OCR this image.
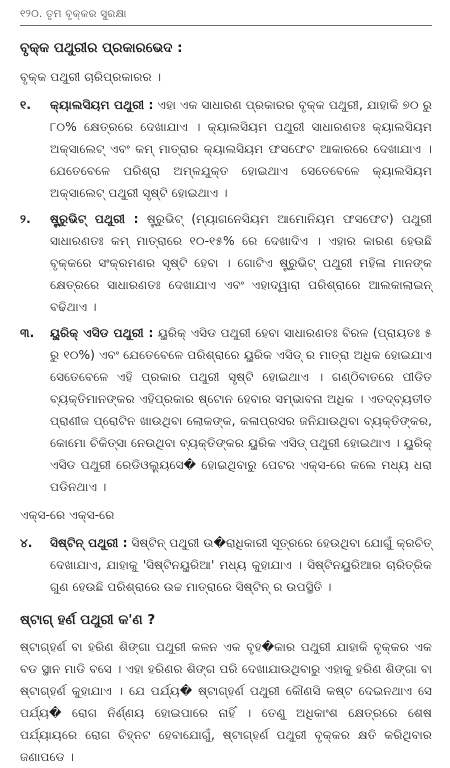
୧୨୦. ତୃମ ବୃକ୍କର ସୁରକ୍ଷା
ବୃକ୍କ ପଥୁରୀର ପ୍ରକାରଭେଦ :

ବୃକ୍କ ପଥୁରୀ ଚାରିପ୍ରକାରର ।

୧.	କ୍ୟାଲସିୟମ ପଥୁରୀ : ଏହା ଏକ ସାଧାରଣ ପ୍ରକାରର ବୃକ୍କ ପଥୁରୀ, ଯାହାକି ୭୦ ରୁ ୮୦% କ୍ଷେତ୍ରରେ ଦେଖାଯାଏ । କ୍ୟାଲସିୟମ ପଥୁରୀ ସାଧାରଣତଃ କ୍ୟାଲସିୟମ ଅକ୍ସାଲେଟ୍ ଏବଂ କମ୍ ମାତ୍ରାର କ୍ୟାଲସିୟମ ଫସଫେଟ ଆକାରରେ ଦେଖାଯାଏ । ଯେତେବେଳେ ପରିଶ୍ରା ଅମ୍ଳଯୁକ୍ତ ହୋଇଥାଏ ସେତେବେଳେ କ୍ୟାଲସିୟମ ଅକ୍ସାଲେଟ୍ ପଥୁରୀ ସୃଷ୍ଟି ହୋଇଥାଏ ।

୨.	ଷ୍ଟ୍ରୁଭିଟ୍ ପଥୁରୀ : ଷ୍ଟ୍ରୁଭିଟ୍ (ମ୍ୟାଗନେସିୟମ ଆମୋନିୟମ ଫସଫେଟ) ପଥୁରୀ ସାଧାରଣତଃ କମ୍ ମାତ୍ରାରେ ୧୦-୧୫% ରେ ଦେଖାଦିଏ । ଏହାର କାରଣ ହେଉଛି ବୃକ୍କରେ ସଂକ୍ରମଣର ସୃଷ୍ଟି ହେବା । ଗୋଟିଏ ଷ୍ଟ୍ରୁଭିଟ୍ ପଥୁରୀ ମହିଳା ମାନଙ୍କ କ୍ଷେତ୍ରରେ ସାଧାରଣତଃ ଦେଖାଯାଏ ଏବଂ ଏହାଦ୍ୱାରା ପରିଶ୍ରାରେ ଆଲକାଲାଇନ୍ ବଢିଥାଏ ।

୩.	ୟୁରିକ୍ ଏସିଡ ପଥୁରୀ : ୟୁରିକ୍ ଏସିଡ ପଥୁରୀ ହେବା ସାଧାରଣତଃ ବିରଳ (ପ୍ରାୟତଃ ୫ ରୁ ୧୦%) ଏବଂ ଯେତେବେଳେ ପରିଶ୍ରାରେ ୟୁରିକ ଏସିଡ୍ ର ମାତ୍ରା ଅଧିକ ହୋଇଯାଏ ସେତେବେଳେ ଏହି ପ୍ରକାର ପଥୁରୀ ସୃଷ୍ଟି ହୋଇଥାଏ । ଗଣ୍ଠିବାତରେ ପୀଡିତ ବ୍ୟକ୍ତିମାନଙ୍କର ଏହିପ୍ରକାର ଷ୍ଟୋନ ହେବାର ସମ୍ଭାବନା ଅଧିକ । ଏତଦ୍ବ୍ୟତୀତ ପ୍ରାଣୀଜ ପ୍ରୋଟିନ ଖାଉଥିବା ଲୋକଙ୍କ, କଳାପ୍ରସର ଜନିଯାଉଥିବା ବ୍ୟକ୍ତିଙ୍କର, କୋମୋ ଚିକିତ୍ସା ନେଉଥିବା ବ୍ୟକ୍ତିଙ୍କର ୟୁରିକ ଏସିଡ୍ ପଥୁରୀ ହୋଇଥାଏ । ୟୁରିକ୍ ଏସିଡ ପଥୁରୀ ରେଡିଓଲ୍ୟୁସେ� ହୋଇଥିବାରୁ ପେଟର ଏକ୍ସ-ରେ କଲେ ମଧ୍ୟ ଧରା ପଡିନଥାଏ ।

ଏକ୍ସ-ରେ ଏକ୍ସ-ରେ

୪.	ସିଷ୍ଟିନ୍ ପଥୁରୀ : ସିଷ୍ଟିନ୍ ପଥୁରୀ ଉ�ରାଧିକାରୀ ସୂତ୍ରରେ ହେଉଥିବା ଯୋଗୁଁ କ୍ରଚିତ୍ ଦେଖାଯାଏ, ଯାହାକୁ 'ସିଷ୍ଟିନୟୁରିଆ' ମଧ୍ୟ କୁହାଯାଏ । ସିଷ୍ଟିନୟୁରିଆର ଚାରିତ୍ରିକ ଗୁଣ ହେଉଛି ପରିଶ୍ରାରେ ଉଚ୍ଚ ମାତ୍ରାରେ ସିଷ୍ଟିନ୍ ର ଉପସ୍ଥିତି ।

ଷ୍ଟାଗ୍ ହର୍ଣ ପଥୁରୀ କ'ଣ ?

ଷ୍ଟାଗ୍ହର୍ଣ ବା ହରିଣ ଶିଙ୍ଗା ପଥୁରୀ କଳନ ଏକ ବୃହ�କାର ପଥୁରୀ ଯାହାକି ବୃକ୍କର ଏକ ବଡ ସ୍ଥାନ ମାଡି ବସେ । ଏହା ହରିଣର ଶିଙ୍ଗ ପରି ଦେଖାଯାଉଥିବାରୁ ଏହାକୁ ହରିଣ ଶିଙ୍ଗା ବା ଷ୍ଟାଗ୍ହର୍ଣ କୁହାଯାଏ । ଯେ ପର୍ଯ୍ୟ� ଷ୍ଟାଗ୍ହର୍ଣ ପଥୁରୀ କୌଣସି କଷ୍ଟ ଦେଇନଥାଏ ସେ ପର୍ଯ୍ୟ� ରୋଗ ନିର୍ଣ୍ଣୟ ହୋଇପାରେ ନାହିଁ । ତେଣୁ ଅଧିକାଂଶ କ୍ଷେତ୍ରରେ ଶେଷ ପର୍ଯ୍ୟାୟରେ ରୋଗ ଚିହ୍ନଟ ହେବାଯୋଗୁଁ, ଷ୍ଟାଗ୍ହର୍ଣ ପଥୁରୀ ବୃକ୍କର କ୍ଷତି କରିଥିବାର ଜଣାପଡେ ।
